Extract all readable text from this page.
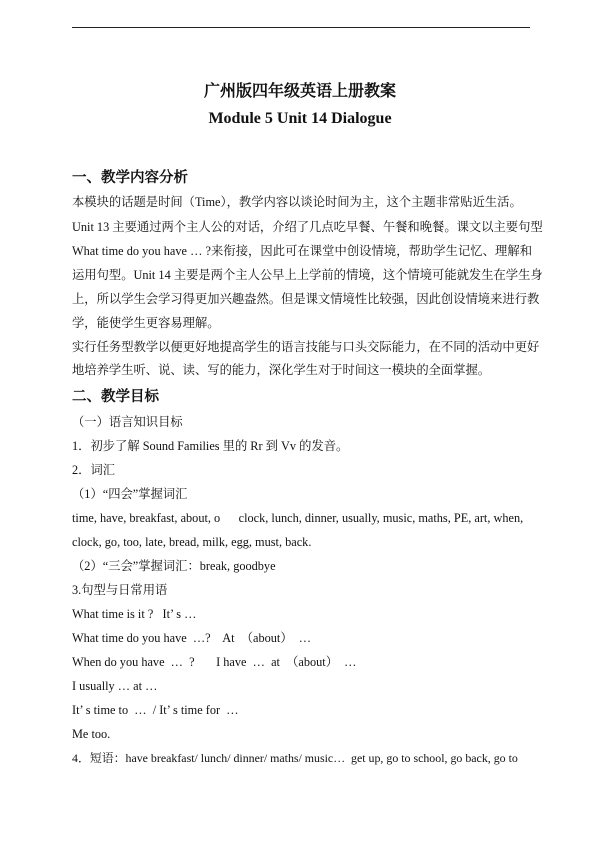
广州版四年级英语上册教案
Module 5 Unit 14 Dialogue
一、教学内容分析
本模块的话题是时间（Time），教学内容以谈论时间为主，这个主题非常贴近生活。
Unit 13 主要通过两个主人公的对话，介绍了几点吃早餐、午餐和晚餐。课文以主要句型
What time do you have … ?来衔接，因此可在课堂中创设情境，帮助学生记忆、理解和
运用句型。Unit 14 主要是两个主人公早上上学前的情境，这个情境可能就发生在学生身
上，所以学生会学习得更加兴趣盎然。但是课文情境性比较强，因此创设情境来进行教
学，能使学生更容易理解。
实行任务型教学以便更好地提高学生的语言技能与口头交际能力，在不同的活动中更好
地培养学生听、说、读、写的能力，深化学生对于时间这一模块的全面掌握。
二、教学目标
（一）语言知识目标
1．初步了解 Sound Families 里的 Rr 到 Vv 的发音。
2．词汇
（1）“四会”掌握词汇
time, have, breakfast, about, o      clock, lunch, dinner, usually, music, maths, PE, art, when,
clock, go, too, late, bread, milk, egg, must, back.
（2）“三会”掌握词汇：break, goodbye
3.句型与日常用语
What time is it ?   It’ s …
What time do you have  …?    At  （about）  …
When do you have  …  ?       I have  …  at  （about）  …
I usually … at …
It’ s time to  …  / It’ s time for  …
Me too.
4．短语：have breakfast/ lunch/ dinner/ maths/ music…  get up, go to school, go back, go to
